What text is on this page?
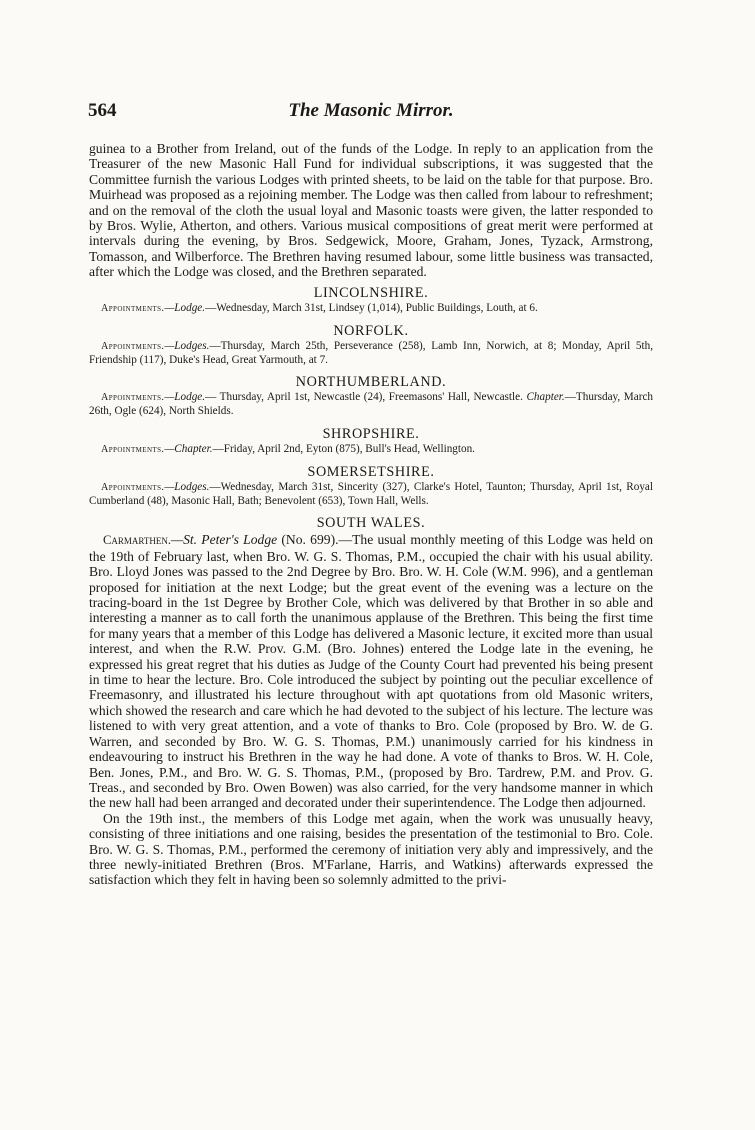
564	The Masonic Mirror.

guinea to a Brother from Ireland, out of the funds of the Lodge. In reply to an application from the Treasurer of the new Masonic Hall Fund for individual subscriptions, it was suggested that the Committee furnish the various Lodges with printed sheets, to be laid on the table for that purpose. Bro. Muirhead was proposed as a rejoining member. The Lodge was then called from labour to refreshment; and on the removal of the cloth the usual loyal and Masonic toasts were given, the latter responded to by Bros. Wylie, Atherton, and others. Various musical compositions of great merit were performed at intervals during the evening, by Bros. Sedgewick, Moore, Graham, Jones, Tyzack, Armstrong, Tomasson, and Wilberforce. The Brethren having resumed labour, some little business was transacted, after which the Lodge was closed, and the Brethren separated.

LINCOLNSHIRE.

Appointments.—Lodge.—Wednesday, March 31st, Lindsey (1,014), Public Buildings, Louth, at 6.

NORFOLK.

Appointments.—Lodges.—Thursday, March 25th, Perseverance (258), Lamb Inn, Norwich, at 8; Monday, April 5th, Friendship (117), Duke's Head, Great Yarmouth, at 7.

NORTHUMBERLAND.

Appointments.—Lodge.— Thursday, April 1st, Newcastle (24), Freemasons' Hall, Newcastle. Chapter.—Thursday, March 26th, Ogle (624), North Shields.

SHROPSHIRE.

Appointments.—Chapter.—Friday, April 2nd, Eyton (875), Bull's Head, Wellington.

SOMERSETSHIRE.

Appointments.—Lodges.—Wednesday, March 31st, Sincerity (327), Clarke's Hotel, Taunton; Thursday, April 1st, Royal Cumberland (48), Masonic Hall, Bath; Benevolent (653), Town Hall, Wells.

SOUTH WALES.

Carmarthen.—St. Peter's Lodge (No. 699).—The usual monthly meeting of this Lodge was held on the 19th of February last, when Bro. W. G. S. Thomas, P.M., occupied the chair with his usual ability. Bro. Lloyd Jones was passed to the 2nd Degree by Bro. Bro. W. H. Cole (W.M. 996), and a gentleman proposed for initiation at the next Lodge; but the great event of the evening was a lecture on the tracing-board in the 1st Degree by Brother Cole, which was delivered by that Brother in so able and interesting a manner as to call forth the unanimous applause of the Brethren. This being the first time for many years that a member of this Lodge has delivered a Masonic lecture, it excited more than usual interest, and when the R.W. Prov. G.M. (Bro. Johnes) entered the Lodge late in the evening, he expressed his great regret that his duties as Judge of the County Court had prevented his being present in time to hear the lecture. Bro. Cole introduced the subject by pointing out the peculiar excellence of Freemasonry, and illustrated his lecture throughout with apt quotations from old Masonic writers, which showed the research and care which he had devoted to the subject of his lecture. The lecture was listened to with very great attention, and a vote of thanks to Bro. Cole (proposed by Bro. W. de G. Warren, and seconded by Bro. W. G. S. Thomas, P.M.) unanimously carried for his kindness in endeavouring to instruct his Brethren in the way he had done. A vote of thanks to Bros. W. H. Cole, Ben. Jones, P.M., and Bro. W. G. S. Thomas, P.M., (proposed by Bro. Tardrew, P.M. and Prov. G. Treas., and seconded by Bro. Owen Bowen) was also carried, for the very handsome manner in which the new hall had been arranged and decorated under their superintendence. The Lodge then adjourned.

On the 19th inst., the members of this Lodge met again, when the work was unusually heavy, consisting of three initiations and one raising, besides the presentation of the testimonial to Bro. Cole. Bro. W. G. S. Thomas, P.M., performed the ceremony of initiation very ably and impressively, and the three newly-initiated Brethren (Bros. M'Farlane, Harris, and Watkins) afterwards expressed the satisfaction which they felt in having been so solemnly admitted to the privi-
